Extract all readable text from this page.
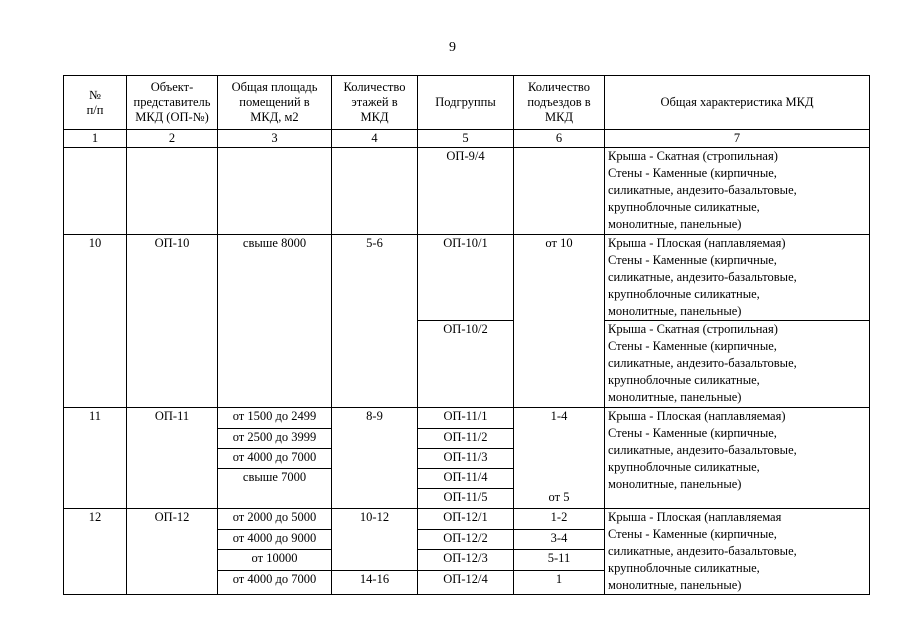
9
№
п/п	Объект-
представитель
МКД (ОП-№)	Общая площадь
помещений в
МКД, м2	Количество
этажей в
МКД	Подгруппы	Количество
подъездов в
МКД	Общая характеристика МКД

1	2	3	4	5	6	7
				ОП-9/4		Крыша - Скатная (стропильная)
Стены - Каменные (кирпичные,
силикатные, андезито-базальтовые,
крупноблочные силикатные,
монолитные, панельные)

10	ОП-10	свыше 8000	5-6	ОП-10/1	от 10	Крыша - Плоская (наплавляемая)
Стены - Каменные (кирпичные,
силикатные, андезито-базальтовые,
крупноблочные силикатные,
монолитные, панельные)

				ОП-10/2		Крыша - Скатная (стропильная)
Стены - Каменные (кирпичные,
силикатные, андезито-базальтовые,
крупноблочные силикатные,
монолитные, панельные)

11	ОП-11	от 1500 до 2499	8-9	ОП-11/1	1-4	Крыша - Плоская (наплавляемая)
Стены - Каменные (кирпичные,
силикатные, андезито-базальтовые,
крупноблочные силикатные,
монолитные, панельные)

		от 2500 до 3999		ОП-11/2		
		от 4000 до 7000		ОП-11/3		
		свыше 7000		ОП-11/4		
				ОП-11/5	от 5	
12	ОП-12	от 2000 до 5000	10-12	ОП-12/1	1-2	Крыша - Плоская (наплавляемая
Стены - Каменные (кирпичные,
силикатные, андезито-базальтовые,
крупноблочные силикатные,
монолитные, панельные)

		от 4000 до 9000		ОП-12/2	3-4	
		от 10000		ОП-12/3	5-11	
		от 4000 до 7000	14-16	ОП-12/4	1	
